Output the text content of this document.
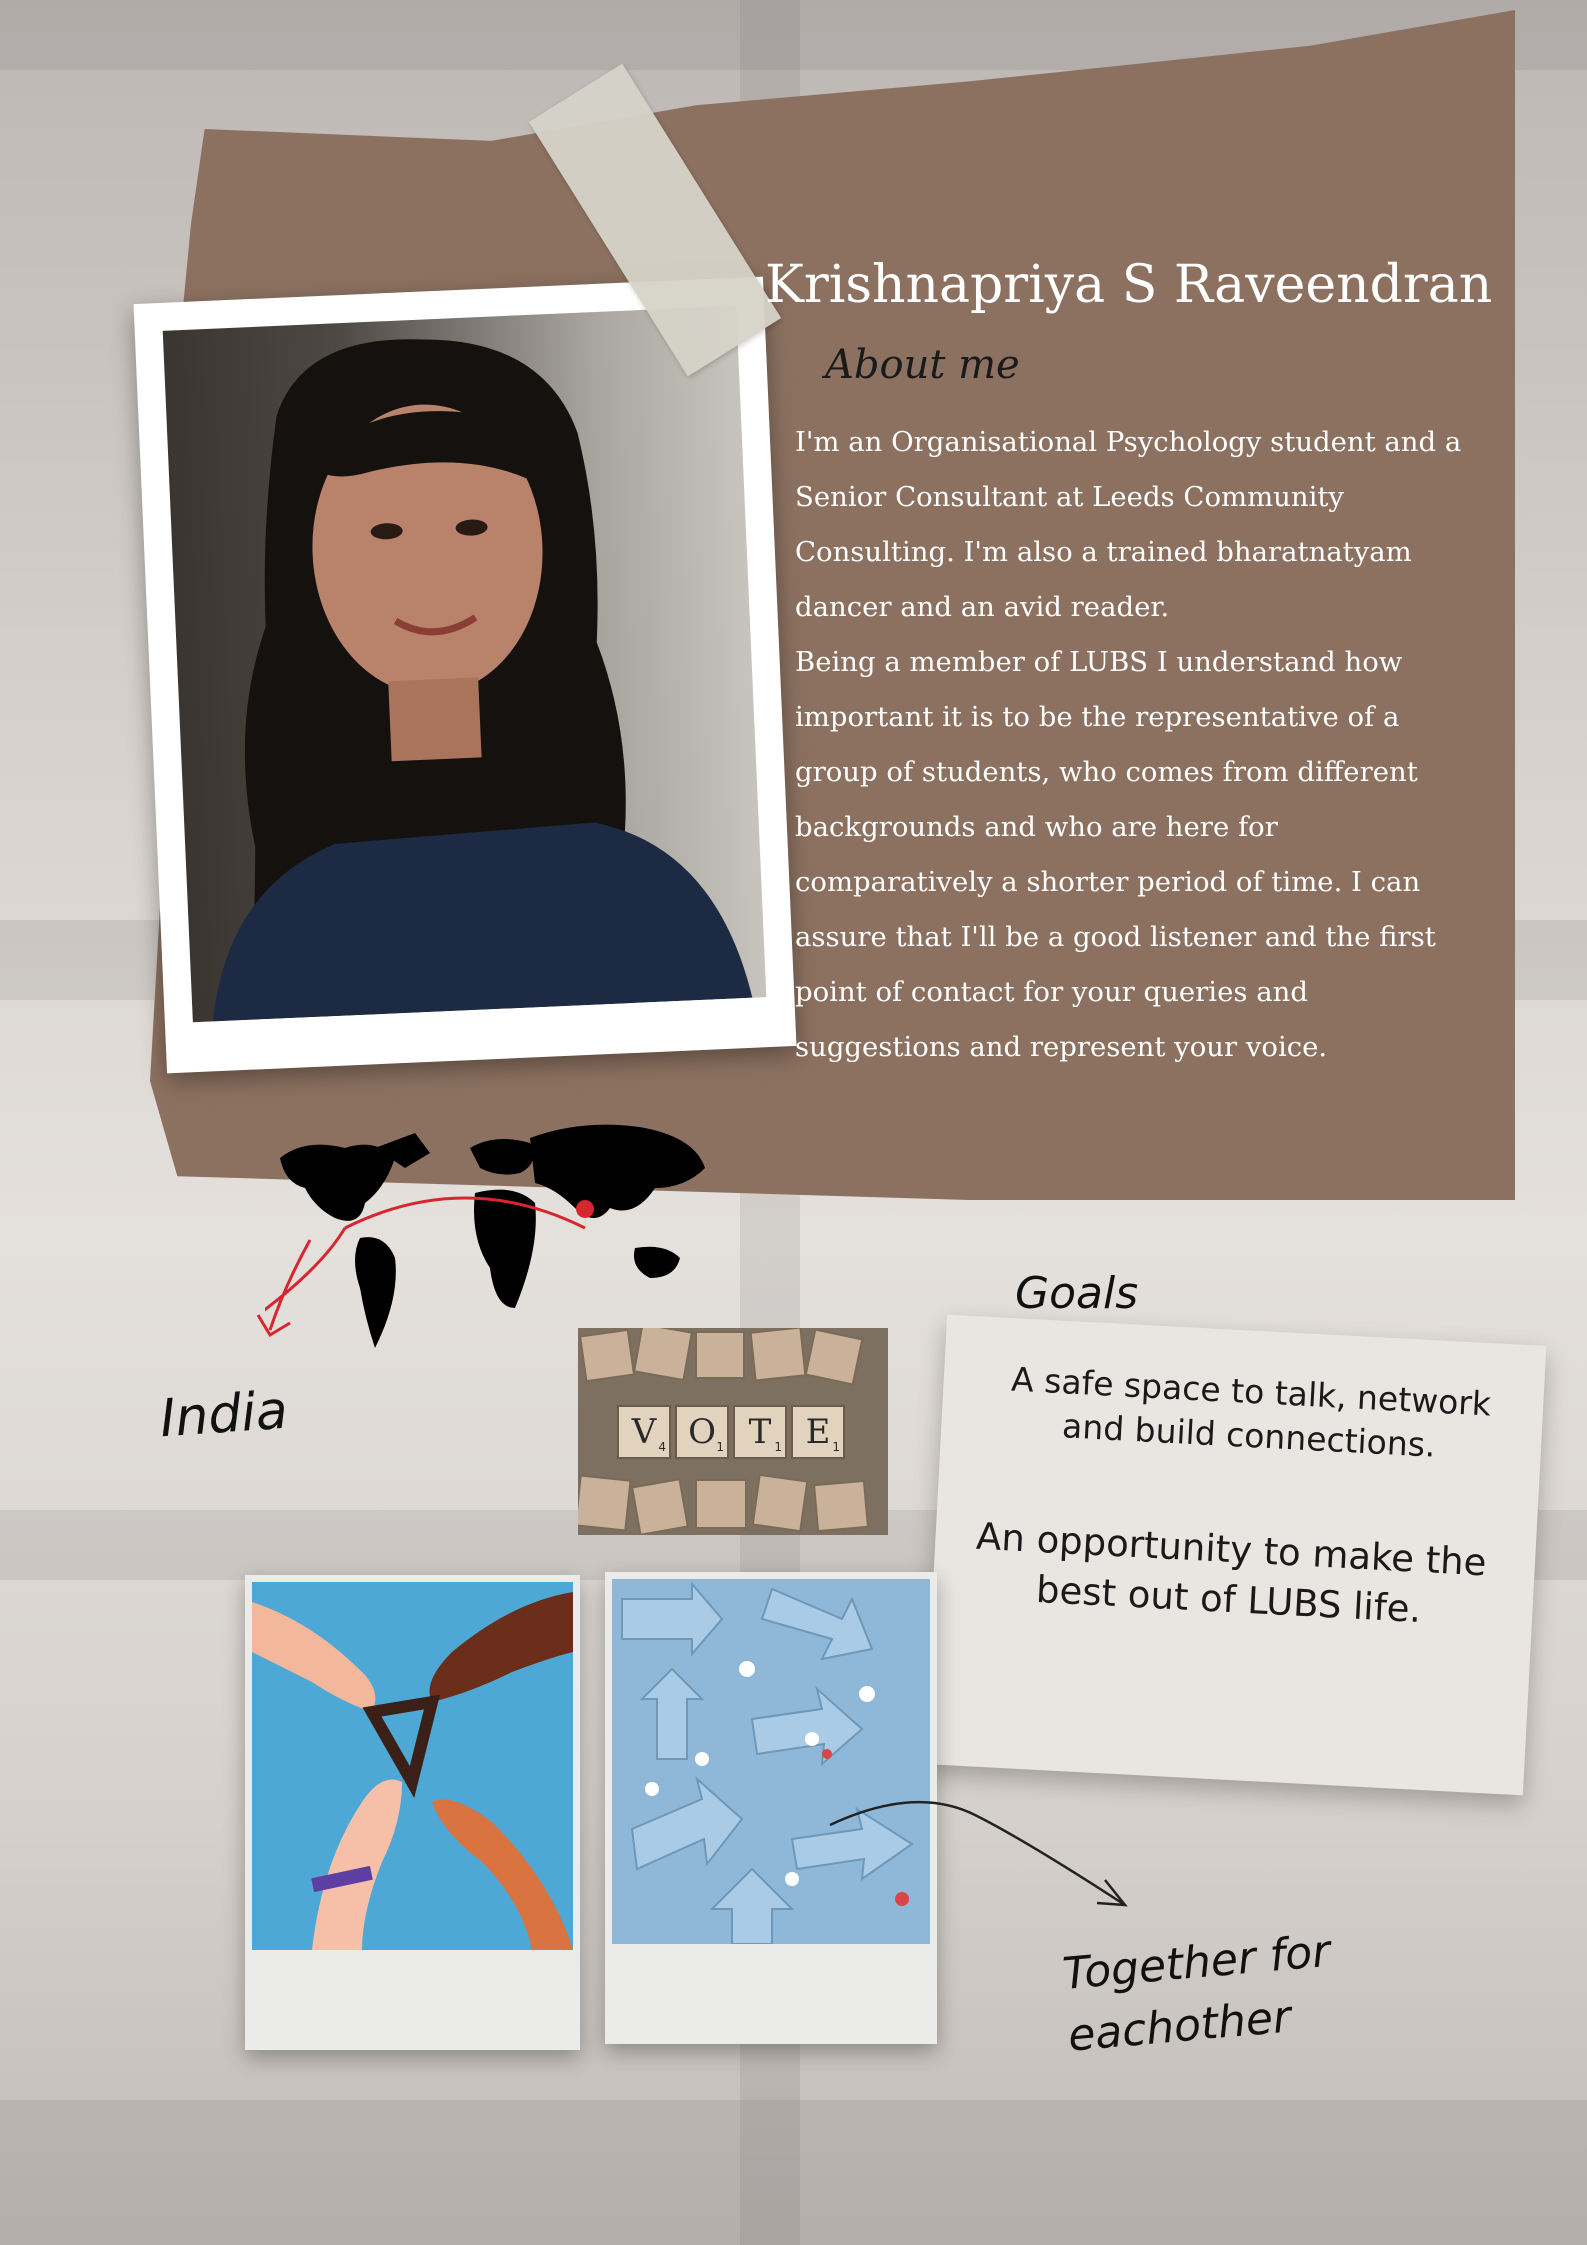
Krishnapriya S Raveendran
About me
I'm an Organisational Psychology student and a
Senior Consultant at Leeds Community
Consulting. I'm also a trained bharatnatyam
dancer and an avid reader.
Being a member of LUBS I understand how
important it is to be the representative of a
group of students, who comes from different
backgrounds and who are here for
comparatively a shorter period of time. I can
assure that I'll be a good listener and the first
point of contact for your queries and
suggestions and represent your voice.
India	V O T	E
4	1	1	1
Goals
A safe space to talk, network and build connections.
An opportunity to make the best out of LUBS life.
Together for
eachother
